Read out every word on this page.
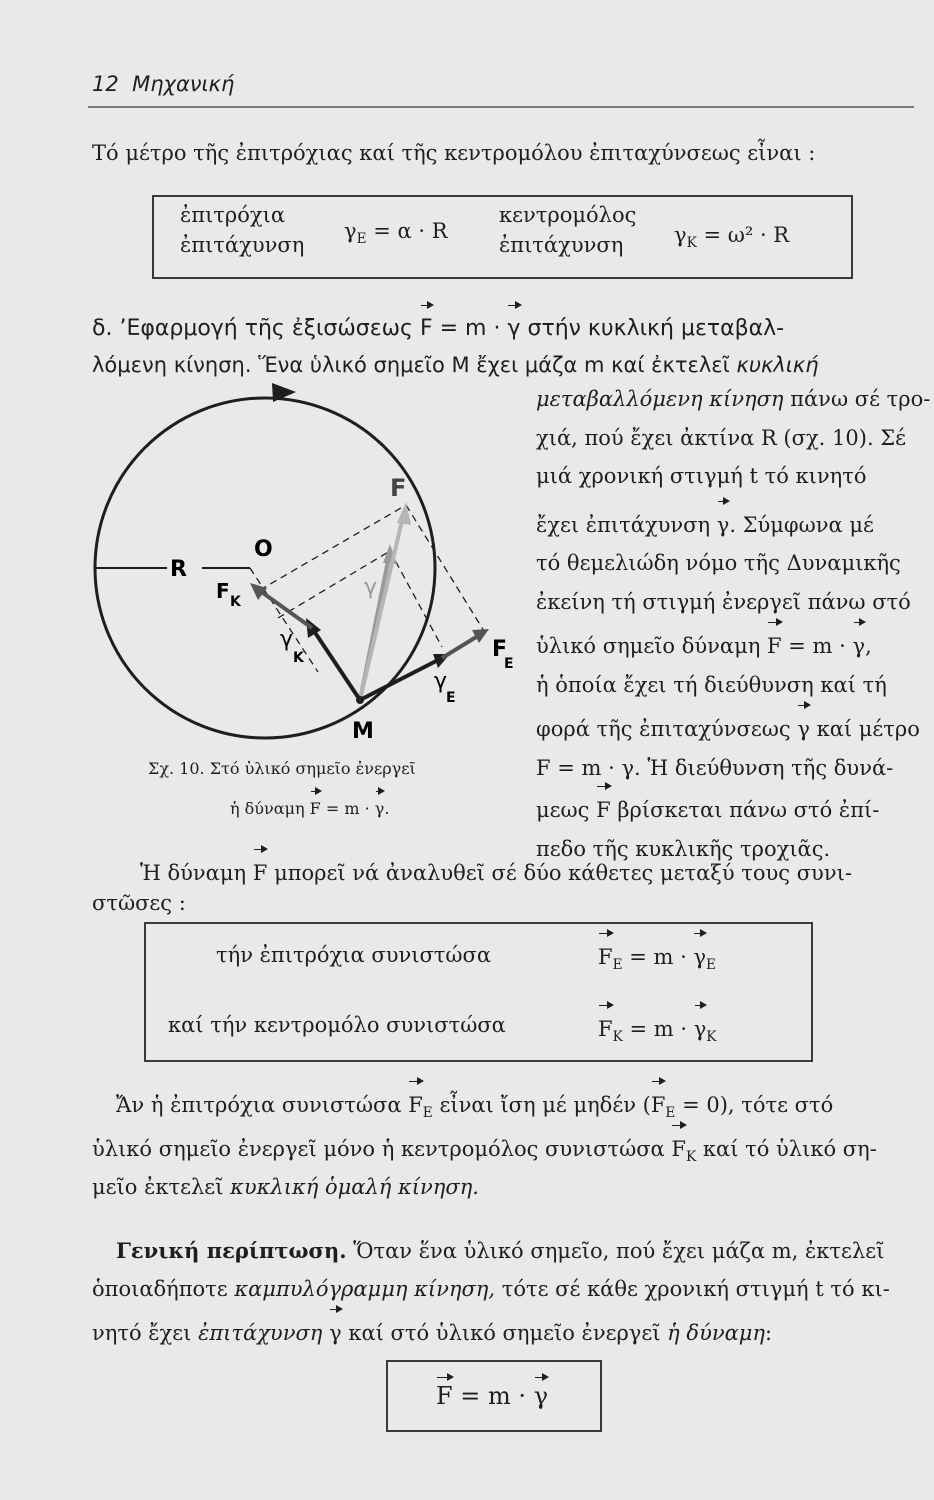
12 Μηχανική
Τό μέτρο τῆς ἐπιτρόχιας καί τῆς κεντρομόλου ἐπιταχύνσεως εἶναι :
ἐπιτρόχια
ἐπιτάχυνση
$\gamma_E = \alpha \cdot R$
κεντρομόλος
ἐπιτάχυνση $\gamma_K = \omega^2 \cdot R$
δ. ’Εφαρμογή τῆς ἐξισώσεως F = m · γ στήν κυκλική μεταβαλ-
λόμενη κίνηση. Ἕνα ὑλικό σημεῖο Μ ἔχει μάζα m καί ἐκτελεῖ κυκλική
μεταβαλλόμενη κίνηση πάνω σέ τρο-
χιά, πού ἔχει ἀκτίνα R (σχ. 10). Σέ
μιά χρονική στιγμή t τό κινητό
ἔχει ἐπιτάχυνση γ. Σύμφωνα μέ
τό θεμελιώδη νόμο τῆς Δυναμικῆς
ἐκείνη τή στιγμή ἐνεργεῖ πάνω στό
ὑλικό σημεῖο δύναμη F = m · γ,
ἡ ὁποία ἔχει τή διεύθυνση καί τή
φορά τῆς ἐπιταχύνσεως γ καί μέτρο
F = m · γ. Ἡ διεύθυνση τῆς δυνά-
μεως F βρίσκεται πάνω στό ἐπί-
πεδο τῆς κυκλικῆς τροχιᾶς.
R
O
F
F K
γ
K
γ
γ
E
F
E
M
Σχ. 10. Στό ὑλικό σημεῖο ἐνεργεῖ
ἡ δύναμη F = m · γ.
Ἡ δύναμη F μπορεῖ νά ἀναλυθεῖ σέ δύο κάθετες μεταξύ τους συνι-
στῶσες :
τήν ἐπιτρόχια συνιστώσα	$F_E = m \cdot \gamma_E$
καί τήν κεντρομόλο συνιστώσα	$F_K = m \cdot \gamma_K$
Ἄν ἡ ἐπιτρόχια συνιστώσα $F_E$ εἶναι ἴση μέ μηδέν $(F_E = 0)$, τότε στό
ὑλικό σημεῖο ἐνεργεῖ μόνο ἡ κεντρομόλος συνιστώσα $F_K$ καί τό ὑλικό ση-
μεῖο ἐκτελεῖ κυκλική ὁμαλή κίνηση.
Γενική περίπτωση. Ὅταν ἕνα ὑλικό σημεῖο, πού ἔχει μάζα m, ἐκτελεῖ
ὁποιαδήποτε καμπυλόγραμμη κίνηση, τότε σέ κάθε χρονική στιγμή t τό κι-
νητό ἔχει ἐπιτάχυνση γ καί στό ὑλικό σημεῖο ἐνεργεῖ ἡ δύναμη:
F = m · γ
